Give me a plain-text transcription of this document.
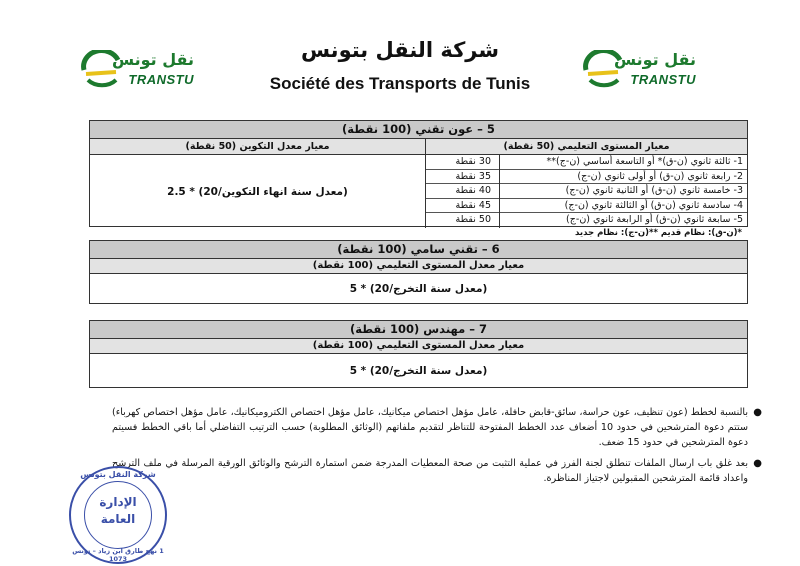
نقل تونس
TRANSTU
نقل تونس
TRANSTU
شركة النقل بتونس
Société des Transports de Tunis
5 – عون تقني (100 نقطة)
معيار المستوى التعليمي (50 نقطة)
معيار معدل التكوين (50 نقطة)
1- ثالثة ثانوي (ن-ق)* أو التاسعة أساسي (ن-ج)**
2- رابعة ثانوي (ن-ق) أو أولى ثانوي (ن-ج)
3- خامسة ثانوي (ن-ق) أو الثانية ثانوي (ن-ج)
4- سادسة ثانوي (ن-ق) أو الثالثة ثانوي (ن-ج)
5- سابعة ثانوي (ن-ق) أو الرابعة ثانوي (ن-ج)
30 نقطة
35 نقطة
40 نقطة
45 نقطة
50 نقطة
(معدل سنة انهاء التكوين/20) * 2.5
*(ن-ق): نظام قديم **(ن-ج): نظام جديد
6 – تقني سامي (100 نقطة)
معيار معدل المستوى التعليمي (100 نقطة)
(معدل سنة التخرج/20) * 5
7 – مهندس (100 نقطة)
معيار معدل المستوى التعليمي (100 نقطة)
(معدل سنة التخرج/20) * 5
●
بالنسبة لخطط (عون تنظيف، عون حراسة، سائق-قابض حافلة، عامل مؤهل اختصاص ميكانيك، عامل مؤهل اختصاص الكتروميكانيك، عامل مؤهل اختصاص كهرباء) ستتم دعوة المترشحين في حدود 10 أضعاف عدد الخطط المفتوحة للتناظر لتقديم ملفاتهم (الوثائق المطلوبة) حسب الترتيب التفاضلي أما باقي الخطط فسيتم دعوة المترشحين في حدود 15 ضعف.
●
بعد غلق باب ارسال الملفات تنطلق لجنة الفرز في عملية التثبت من صحة المعطيات المدرجة ضمن استمارة الترشح والوثائق الورقية المرسلة في ملف الترشح واعداد قائمة المترشحين المقبولين لاجتياز المناظرة.
شركة النقل بتونس
الإدارة
العامة
1 نهج طارق ابن زياد – تونس 1073
